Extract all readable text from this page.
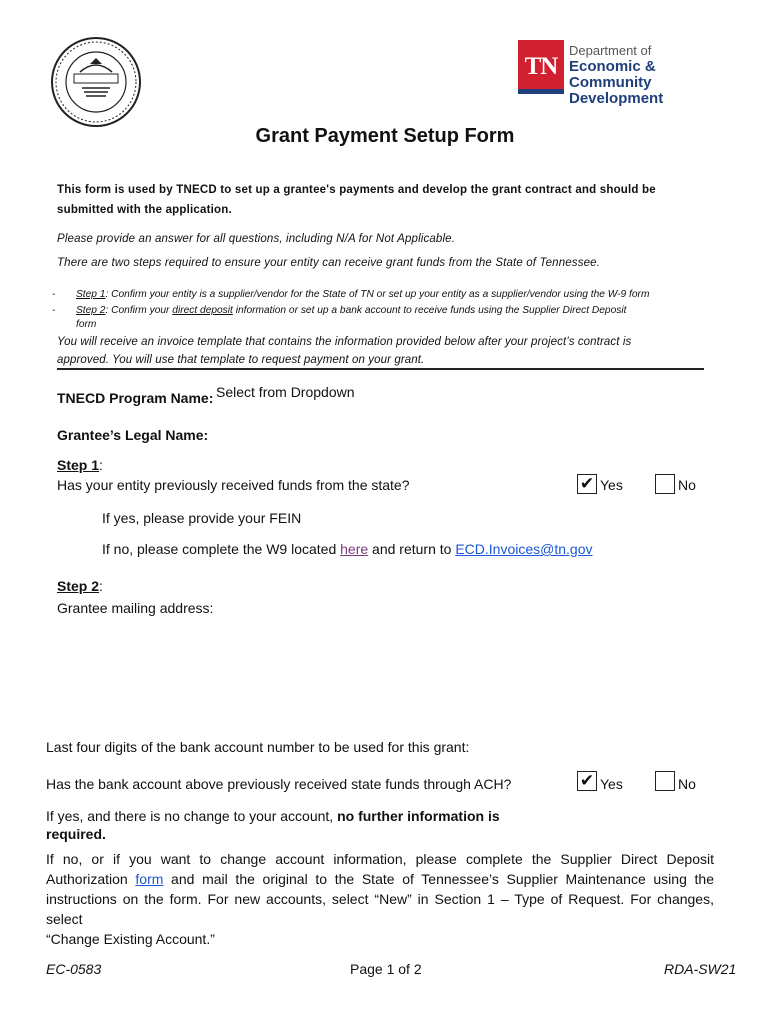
TN
Department of
Economic &
Community Development
Grant Payment Setup Form
This form is used by TNECD to set up a grantee's payments and develop the grant contract and should be
submitted with the application.
Please provide an answer for all questions, including N/A for Not Applicable.
There are two steps required to ensure your entity can receive grant funds from the State of Tennessee.
-	Step 1: Confirm your entity is a supplier/vendor for the State of TN or set up your entity as a supplier/vendor using the W-9 form
-	Step 2: Confirm your direct deposit information or set up a bank account to receive funds using the Supplier Direct Deposit
form
You will receive an invoice template that contains the information provided below after your project’s contract is
approved. You will use that template to request payment on your grant.
TNECD Program Name: Select from Dropdown
Grantee’s Legal Name:
Step 1:
Has your entity previously received funds from the state?	✔ Yes	No
If yes, please provide your FEIN
If no, please complete the W9 located here and return to ECD.Invoices@tn.gov
Step 2:
Grantee mailing address:
Last four digits of the bank account number to be used for this grant:
Has the bank account above previously received state funds through ACH?	✔ Yes	No
If yes, and there is no change to your account, no further information is
required.
If no, or if you want to change account information, please complete the Supplier Direct Deposit
Authorization form and mail the original to the State of Tennessee’s Supplier Maintenance using the
instructions on the form. For new accounts, select “New” in Section 1 – Type of Request. For changes, select
“Change Existing Account.”
EC-0583	Page 1 of 2	RDA-SW21
